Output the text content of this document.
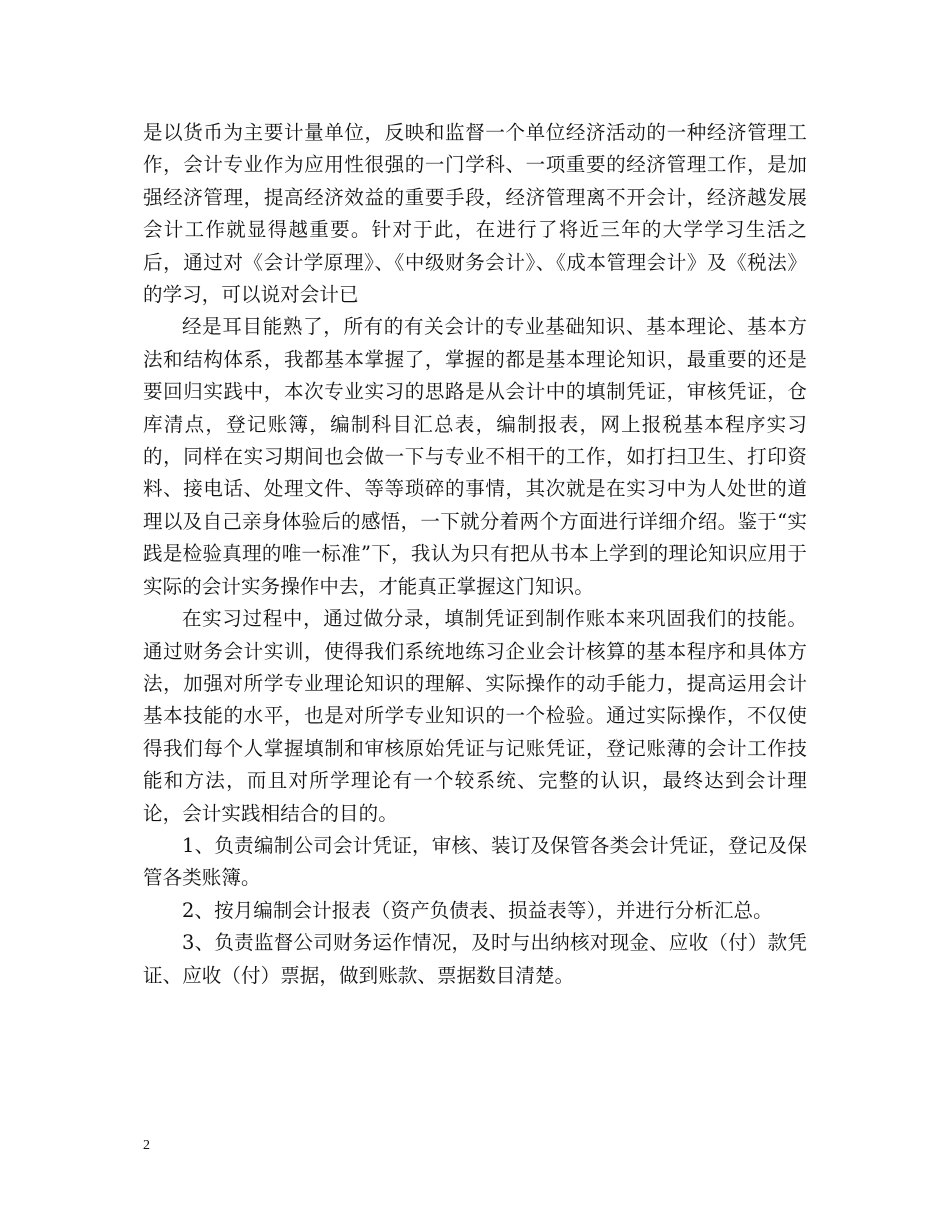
是以货币为主要计量单位，反映和监督一个单位经济活动的一种经济管理工作，会计专业作为应用性很强的一门学科、一项重要的经济管理工作，是加强经济管理，提高经济效益的重要手段，经济管理离不开会计，经济越发展会计工作就显得越重要。针对于此，在进行了将近三年的大学学习生活之后，通过对《会计学原理》、《中级财务会计》、《成本管理会计》及《税法》的学习，可以说对会计已

经是耳目能熟了，所有的有关会计的专业基础知识、基本理论、基本方法和结构体系，我都基本掌握了，掌握的都是基本理论知识，最重要的还是要回归实践中，本次专业实习的思路是从会计中的填制凭证，审核凭证，仓库清点，登记账簿，编制科目汇总表，编制报表，网上报税基本程序实习的，同样在实习期间也会做一下与专业不相干的工作，如打扫卫生、打印资料、接电话、处理文件、等等琐碎的事情，其次就是在实习中为人处世的道理以及自己亲身体验后的感悟，一下就分着两个方面进行详细介绍。鉴于“实践是检验真理的唯一标准”下，我认为只有把从书本上学到的理论知识应用于实际的会计实务操作中去，才能真正掌握这门知识。

在实习过程中，通过做分录，填制凭证到制作账本来巩固我们的技能。通过财务会计实训，使得我们系统地练习企业会计核算的基本程序和具体方法，加强对所学专业理论知识的理解、实际操作的动手能力，提高运用会计基本技能的水平，也是对所学专业知识的一个检验。通过实际操作，不仅使得我们每个人掌握填制和审核原始凭证与记账凭证，登记账薄的会计工作技能和方法，而且对所学理论有一个较系统、完整的认识，最终达到会计理论，会计实践相结合的目的。

1、负责编制公司会计凭证，审核、装订及保管各类会计凭证，登记及保管各类账簿。

2、按月编制会计报表（资产负债表、损益表等），并进行分析汇总。

3、负责监督公司财务运作情况，及时与出纳核对现金、应收（付）款凭证、应收（付）票据，做到账款、票据数目清楚。

2
